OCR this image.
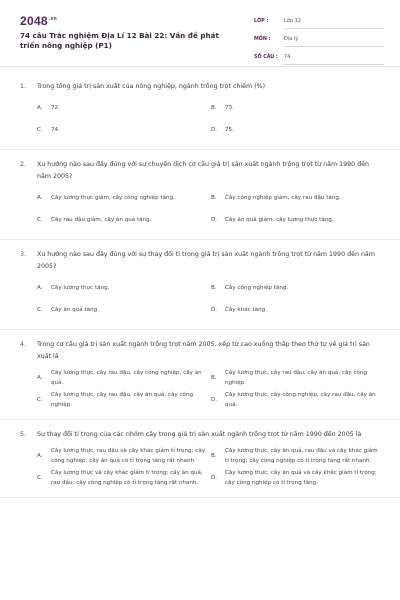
$2048^{.vn}$
74 câu Trắc nghiệm Địa Lí 12 Bài 22: Vấn đề phát triển nông nghiệp (P1)
LỚP :	Lớp 12
MÔN :	Địa lý
SỐ CÂU :	74
1.	Trong tổng giá trị sản xuất của nông nghiệp, ngành trồng trọt chiếm (%)
A.	72.	B.	73.
C.	74.	D.	75.
2.	Xu hướng nào sau đây đúng với sự chuyển dịch cơ cấu giá trị sản xuất ngành trồng trọt từ năm 1990 đến năm 2005?
A.	Cây lương thực giảm, cây công nghiệp tăng.	B.	Cây công nghiệp giảm, cây rau đậu tăng.
C.	Cây rau đậu giảm, cây ăn quả tăng.	D.	Cây ăn quả giảm, cây lương thực tăng.
3.	Xu hướng nào sau đây đúng với sự thay đổi tỉ trọng giá trị sản xuất ngành trồng trọt từ năm 1990 đến năm 2005?
A.	Cây lương thực tăng.	B.	Cây công nghiệp tăng.
C.	Cây ăn quả tăng.	D.	Cây khác tăng.
4.	Trong cơ cấu giá trị sản xuất ngành trồng trọt năm 2005, xếp từ cao xuống thấp theo thứ tự về giá trị sản xuất là
A.
Cây lương thực, cây rau đậu, cây công nghiệp, cây ăn quả.
B.
Cây lương thực, cây rau đậu, cây ăn quả, cây công nghiệp.
C.
Cây lương thực, cây rau đậu, cây ăn quả, cây công nghiệp.
D.
Cây lương thực, cây công nghiệp, cây rau đậu, cây ăn quả.
5.	Sự thay đổi tỉ trọng của các nhóm cây trong giá trị sản xuất ngành trồng trọt từ năm 1990 đến 2005 là
A.
Cây lương thực, rau đậu và cây khác giảm tỉ trọng; cây công nghiệp, cây ăn quả có tỉ trọng tăng rất nhanh.
B.
Cây lương thực, cây ăn quả, rau đậu và cây khác giảm tỉ trọng; cây công nghiệp có tỉ trọng tăng rất nhanh.
C.
Cây lương thực và cây khác giảm tỉ trọng; cây ăn quả, rau đậu, cây công nghiệp có tỉ trọng tăng rất nhanh.
D.
Cây lương thực, cây ăn quả và cây khác giảm tỉ trọng; cây công nghiệp có tỉ trọng tăng.
